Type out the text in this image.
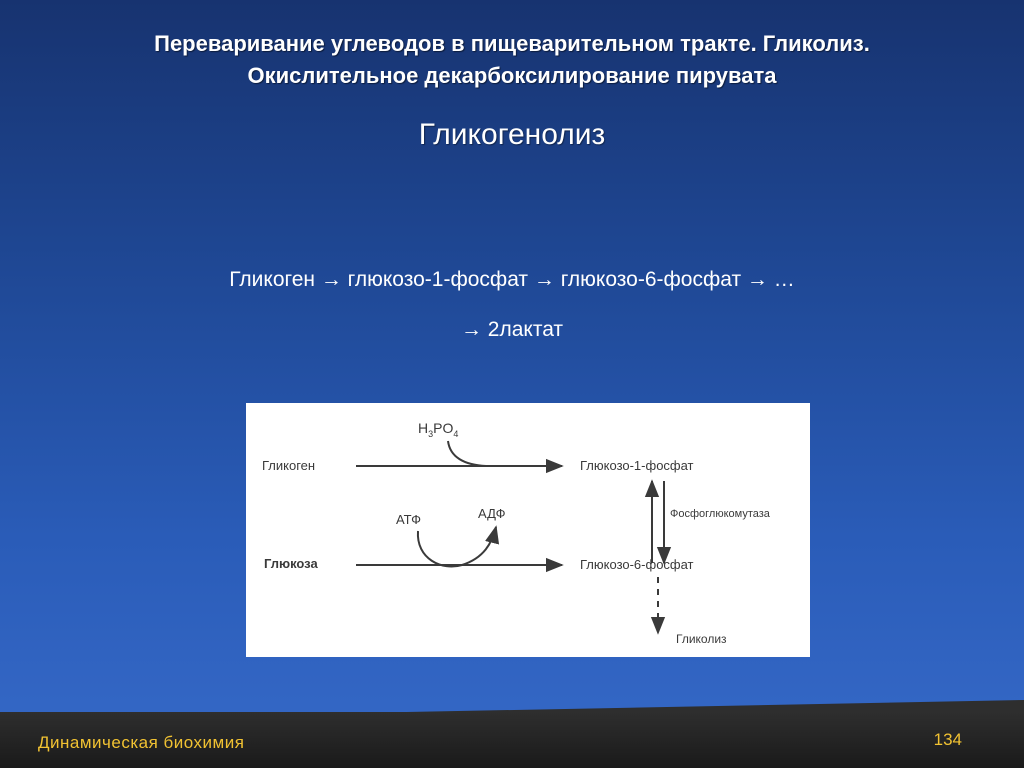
Переваривание углеводов в пищеварительном тракте. Гликолиз.
Окислительное декарбоксилирование пирувата
Гликогенолиз
Гликоген → глюкозо-1-фосфат → глюкозо-6-фосфат → …
→ 2лактат
Гликоген
$H_3PO_4$
Глюкозо-1-фосфат
Фосфоглюкомутаза
АТФ	АДФ
Глюкоза	Глюкозо-6-фосфат
Гликолиз
Динамическая биохимия	134
